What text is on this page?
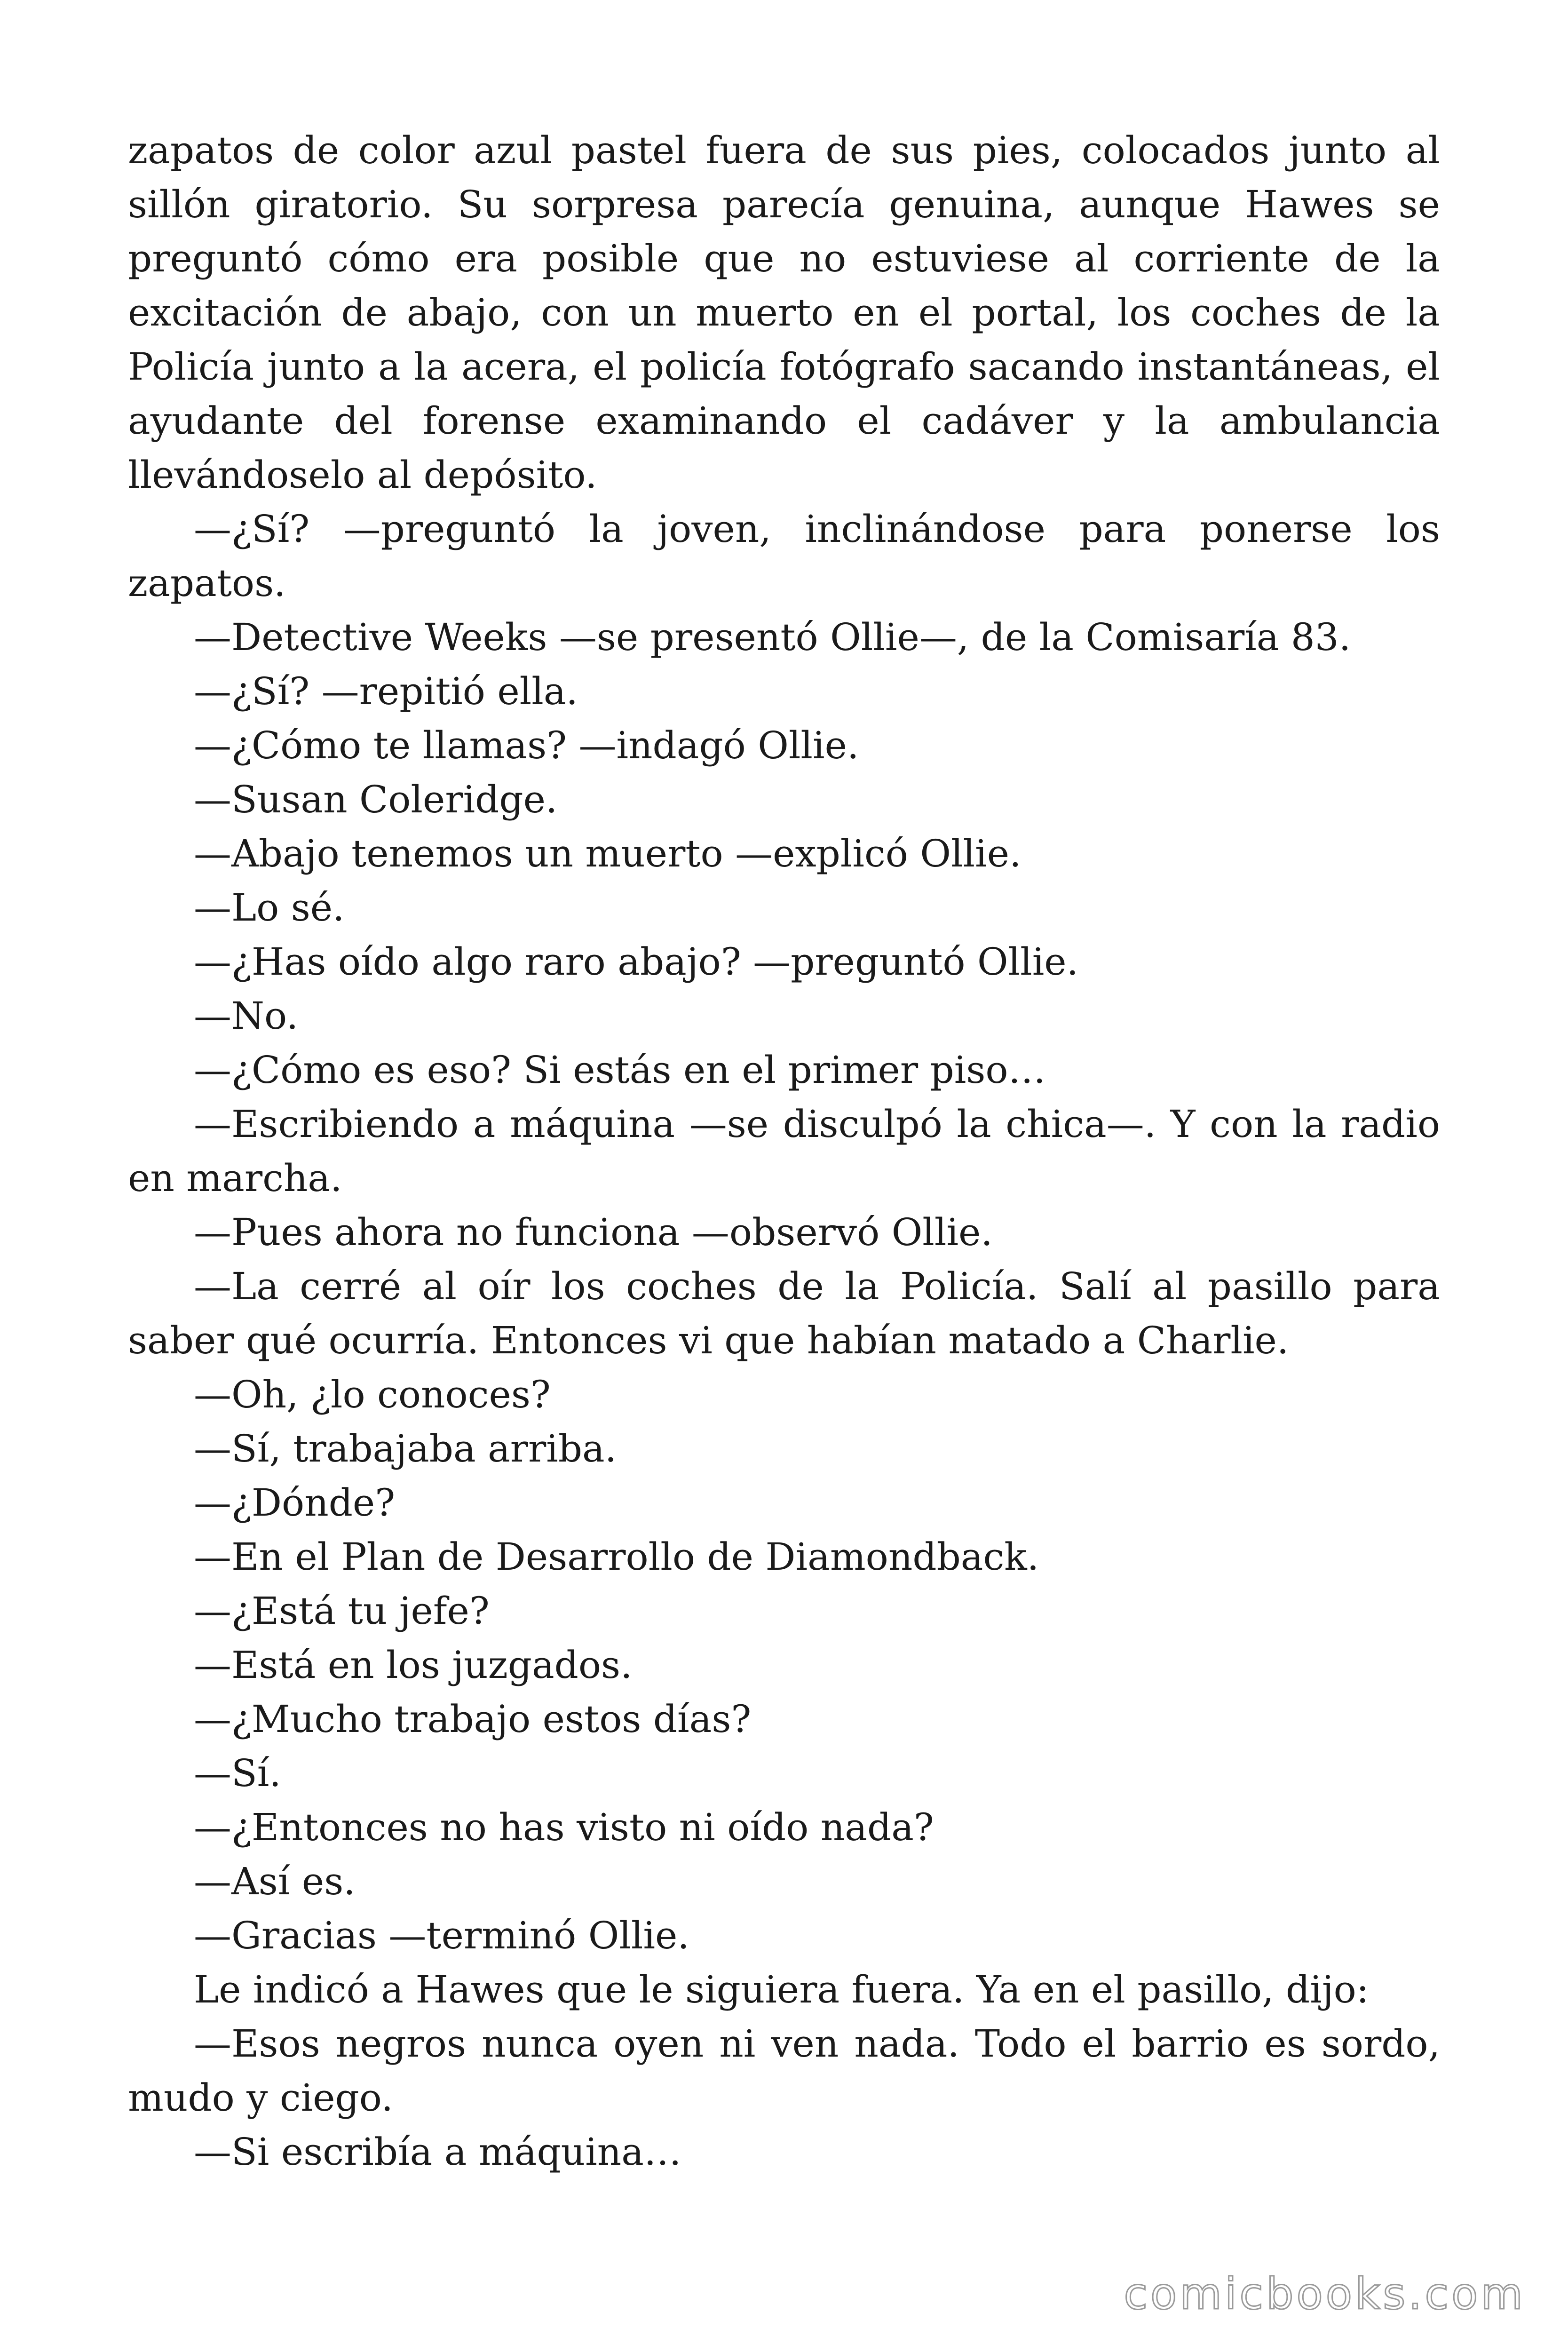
zapatos de color azul pastel fuera de sus pies, colocados junto al sillón giratorio. Su sorpresa parecía genuina, aunque Hawes se preguntó cómo era posible que no estuviese al corriente de la excitación de abajo, con un muerto en el portal, los coches de la Policía junto a la acera, el policía fotógrafo sacando instantáneas, el ayudante del forense examinando el cadáver y la ambulancia llevándoselo al depósito.

—¿Sí? —preguntó la joven, inclinándose para ponerse los zapatos.

—Detective Weeks —se presentó Ollie—, de la Comisaría 83.

—¿Sí? —repitió ella.

—¿Cómo te llamas? —indagó Ollie.

—Susan Coleridge.

—Abajo tenemos un muerto —explicó Ollie.

—Lo sé.

—¿Has oído algo raro abajo? —preguntó Ollie.

—No.

—¿Cómo es eso? Si estás en el primer piso…

—Escribiendo a máquina —se disculpó la chica—. Y con la radio en marcha.

—Pues ahora no funciona —observó Ollie.

—La cerré al oír los coches de la Policía. Salí al pasillo para saber qué ocurría. Entonces vi que habían matado a Charlie.

—Oh, ¿lo conoces?

—Sí, trabajaba arriba.

—¿Dónde?

—En el Plan de Desarrollo de Diamondback.

—¿Está tu jefe?

—Está en los juzgados.

—¿Mucho trabajo estos días?

—Sí.

—¿Entonces no has visto ni oído nada?

—Así es.

—Gracias —terminó Ollie.

Le indicó a Hawes que le siguiera fuera. Ya en el pasillo, dijo:

—Esos negros nunca oyen ni ven nada. Todo el barrio es sordo, mudo y ciego.

—Si escribía a máquina…

comicbooks.com
